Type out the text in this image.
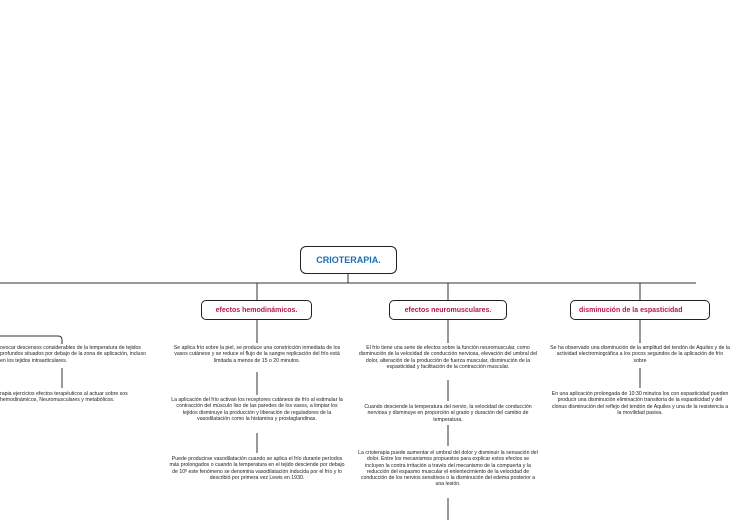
CRIOTERAPIA.
efectos hemodinámicos.	efectos neuromusculares.	disminución de la espasticidad
ovocar descensos considerables de la temperatura de tejidos profundos situados por debajo de la zona de aplicación, incluso en los tejidos intraarticulares.
rapia ejercicios efectos terapéuticos al actuar sobre sos hemodinámicos, Neuromusculares y metabólicos.
Se aplica frío sobre la piel, se produce una constricción inmediata de los vasos cutáneos y se reduce el flujo de la sangre replicación del frío está limitada a menos de 15 o 20 minutos.
La aplicación del frío activan los receptores cutáneos de frío al estimular la contracción del músculo liso de las paredes de los vasos, a limpiar los tejidos disminuye la producción y liberación de reguladores de la vasodilatación como la histamina y prostaglandinas.
Puede producirse vasodilatación cuando se aplica el frío durante períodos más prolongados o cuando la temperatura en el tejido desciende por debajo de 10º este fenómeno se denomina vasodilatación inducida por el frío y lo describió por primera vez Lewis en 1930.
El frío tiene una serie de efectos sobre la función neuromuscular, como disminución de la velocidad de conducción nerviosa, elevación del umbral del dolor, alteración de la producción de fuerza muscular, disminución de la espasticidad y facilitación de la contracción muscular.
Cuando desciende la temperatura del nervio, la velocidad de conducción nerviosa y disminuye en proporción al grado y duración del cambio de temperatura.
La crioterapia puede aumentar el umbral del dolor y disminuir la sensación del dolor. Entre los mecanismos propuestos para explicar estos efectos se incluyen la contra irritación a través del mecanismo de la compuerta y la reducción del espasmo muscular el enlentecimiento de la velocidad de conducción de los nervios sensitivos o la disminución del edema posterior a una lesión.
Se ha observado una disminución de la amplitud del tendón de Aquiles y de la actividad electromiográfica a los pocos segundos de la aplicación de frío sobre
En una aplicación prolongada de 10:30 minutos los con espasticidad pueden producir una disminución eliminación transitoria de la espasticidad y del clonus disminución del reflejo del tendón de Aquiles y una de la resistencia a la movilidad pasiva.
